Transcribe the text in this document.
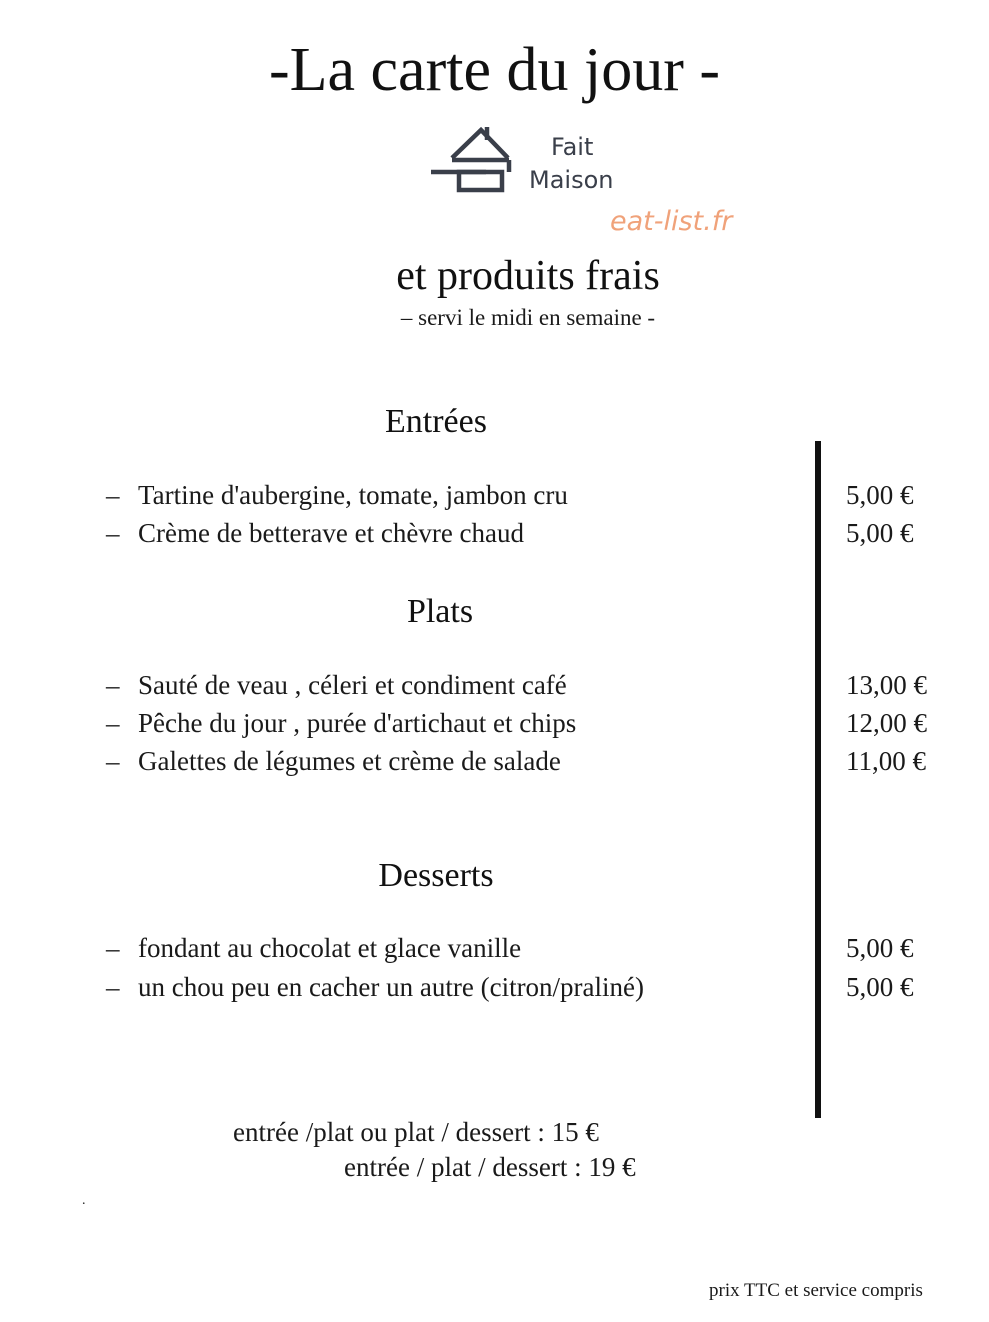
-La carte du jour -
Fait
Maison
eat-list.fr
et produits frais
– servi le midi en semaine -
Entrées
– Tartine d'aubergine, tomate, jambon cru	5,00 €
– Crème de betterave et chèvre chaud	5,00 €
Plats
– Sauté de veau , céleri et condiment café	13,00 €
– Pêche du jour , purée d'artichaut et chips	12,00 €
– Galettes de légumes et crème de salade	11,00 €
Desserts
– fondant au chocolat et glace vanille	5,00 €
– un chou peu en cacher un autre (citron/praliné)	5,00 €
entrée /plat ou plat / dessert : 15 €
entrée / plat / dessert : 19 €
.
prix TTC et service compris
